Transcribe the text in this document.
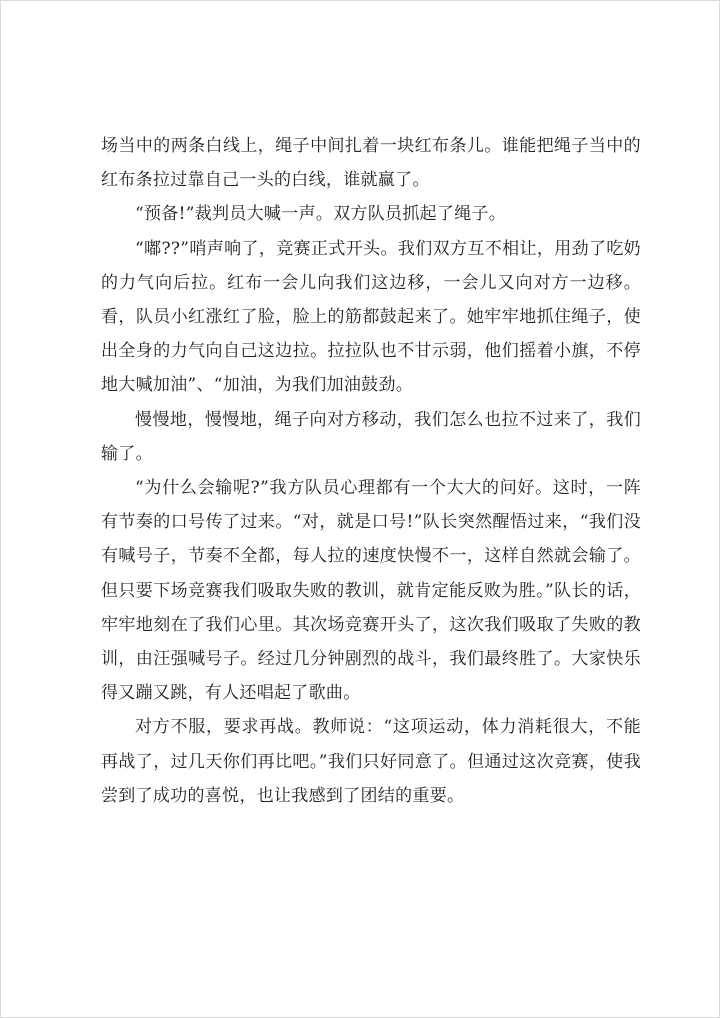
场当中的两条白线上，绳子中间扎着一块红布条儿。谁能把绳子当中的红布条拉过靠自己一头的白线，谁就赢了。

“预备!”裁判员大喊一声。双方队员抓起了绳子。

“嘟??”哨声响了，竞赛正式开头。我们双方互不相让，用劲了吃奶的力气向后拉。红布一会儿向我们这边移，一会儿又向对方一边移。看，队员小红涨红了脸，脸上的筋都鼓起来了。她牢牢地抓住绳子，使出全身的力气向自己这边拉。拉拉队也不甘示弱，他们摇着小旗，不停地大喊加油”、“加油，为我们加油鼓劲。

慢慢地，慢慢地，绳子向对方移动，我们怎么也拉不过来了，我们输了。

“为什么会输呢?”我方队员心理都有一个大大的问好。这时，一阵有节奏的口号传了过来。“对，就是口号!”队长突然醒悟过来，“我们没有喊号子，节奏不全都，每人拉的速度快慢不一，这样自然就会输了。但只要下场竞赛我们吸取失败的教训，就肯定能反败为胜。”队长的话，牢牢地刻在了我们心里。其次场竞赛开头了，这次我们吸取了失败的教训，由汪强喊号子。经过几分钟剧烈的战斗，我们最终胜了。大家快乐得又蹦又跳，有人还唱起了歌曲。

对方不服，要求再战。教师说：“这项运动，体力消耗很大，不能再战了，过几天你们再比吧。”我们只好同意了。但通过这次竞赛，使我尝到了成功的喜悦，也让我感到了团结的重要。
